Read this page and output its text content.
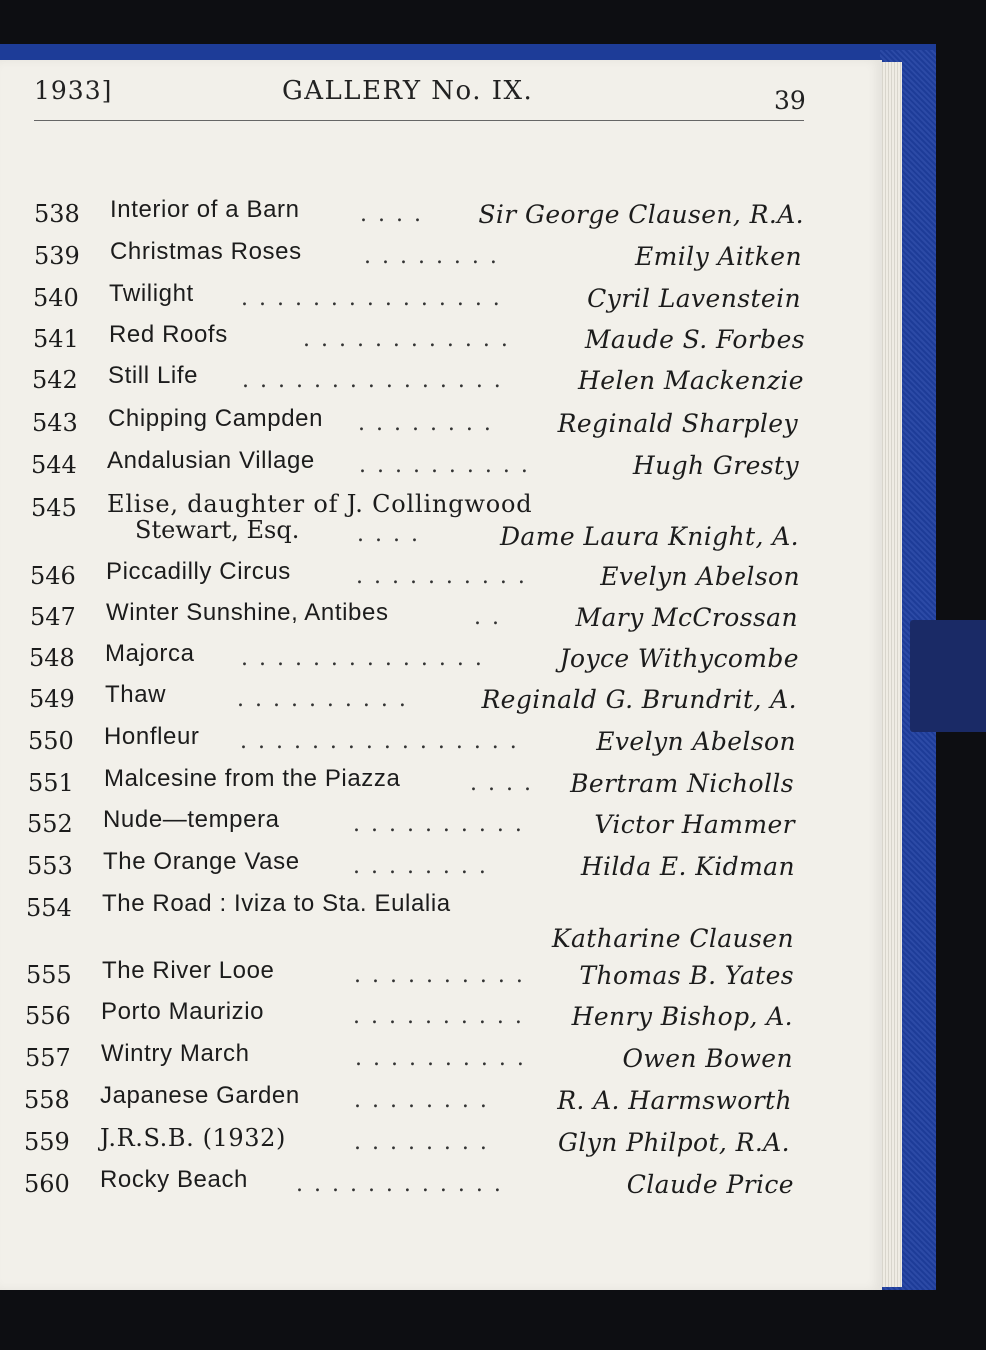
1933]	GALLERY No. IX.	39
538 Interior of a Barn	. . . . Sir George Clausen, R.A.
539 Christmas Roses	. . . . . . . .	Emily Aitken
540 Twilight . . . . . . . . . . . . . . .	Cyril Lavenstein
541 Red Roofs	. . . . . . . . . . . .	Maude S. Forbes
542 Still Life . . . . . . . . . . . . . . .	Helen Mackenzie
543 Chipping Campden . . . . . . . .	Reginald Sharpley
544 Andalusian Village . . . . . . . . . .	Hugh Gresty
545 Elise, daughter of J. Collingwood
Stewart, Esq.	. . . .	Dame Laura Knight, A.
546 Piccadilly Circus	. . . . . . . . . .	Evelyn Abelson
547 Winter Sunshine, Antibes	. .	Mary McCrossan
548 Majorca . . . . . . . . . . . . . .	Joyce Withycombe
549 Thaw	. . . . . . . . . .	Reginald G. Brundrit, A.
550 Honfleur . . . . . . . . . . . . . . . .	Evelyn Abelson
551 Malcesine from the Piazza	. . . . Bertram Nicholls
552 Nude—tempera	. . . . . . . . . .	Victor Hammer
553 The Orange Vase . . . . . . . .	Hilda E. Kidman
554 The Road : Iviza to Sta. Eulalia
Katharine Clausen
555 The River Looe	. . . . . . . . . . Thomas B. Yates
556 Porto Maurizio	. . . . . . . . . . Henry Bishop, A.
557 Wintry March	. . . . . . . . . .	Owen Bowen
558 Japanese Garden . . . . . . . .	R. A. Harmsworth
559 J.R.S.B. (1932)	. . . . . . . .	Glyn Philpot, R.A.
560 Rocky Beach . . . . . . . . . . . .	Claude Price
